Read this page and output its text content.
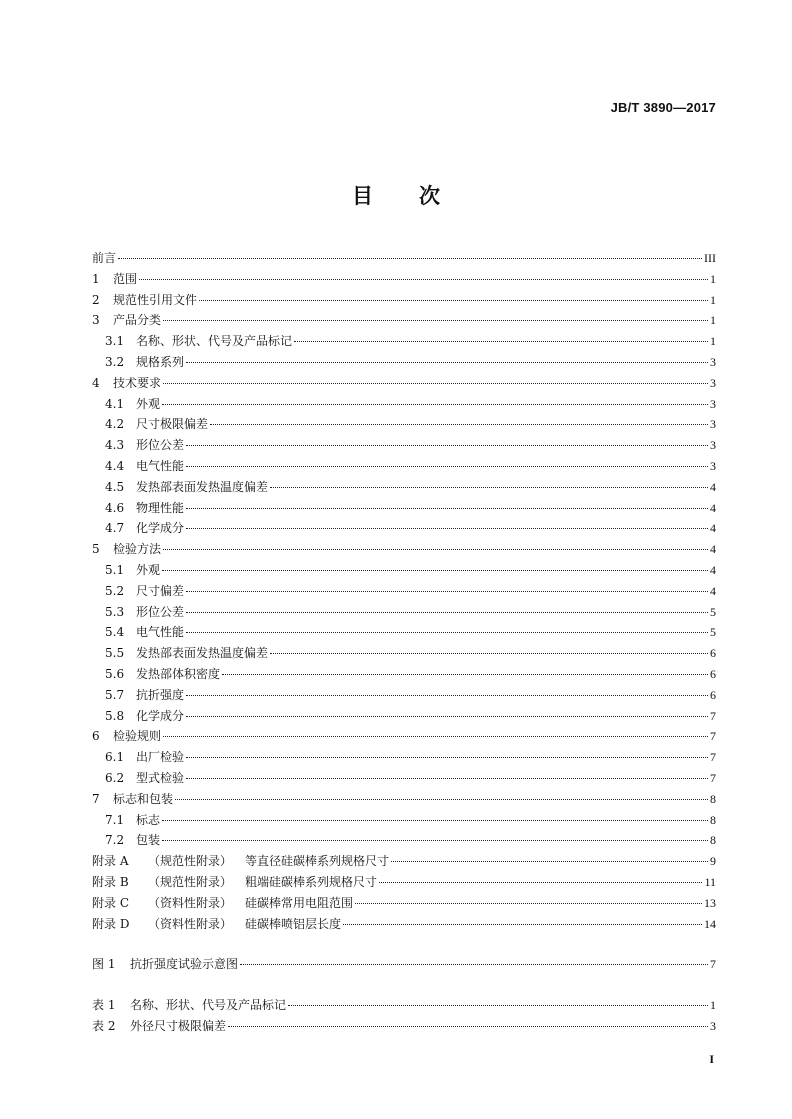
JB/T 3890—2017
目 次
前言	III
1	范围	1
2	规范性引用文件	1
3	产品分类	1
3.1 名称、形状、代号及产品标记	1
3.2 规格系列	3
4	技术要求	3
4.1 外观	3
4.2 尺寸极限偏差	3
4.3 形位公差	3
4.4 电气性能	3
4.5 发热部表面发热温度偏差	4
4.6 物理性能	4
4.7 化学成分	4
5	检验方法	4
5.1 外观	4
5.2 尺寸偏差	4
5.3 形位公差	5
5.4 电气性能	5
5.5 发热部表面发热温度偏差	6
5.6 发热部体积密度	6
5.7 抗折强度	6
5.8 化学成分	7
6	检验规则	7
6.1 出厂检验	7
6.2 型式检验	7
7	标志和包装	8
7.1 标志	8
7.2 包装	8
附录 A	（规范性附录）	等直径硅碳棒系列规格尺寸	9
附录 B	（规范性附录）	粗端硅碳棒系列规格尺寸	11
附录 C	（资料性附录）	硅碳棒常用电阻范围	13
附录 D	（资料性附录）	硅碳棒喷铝层长度	14
图 1	抗折强度试验示意图	7
表 1	名称、形状、代号及产品标记	1
表 2	外径尺寸极限偏差	3
I
